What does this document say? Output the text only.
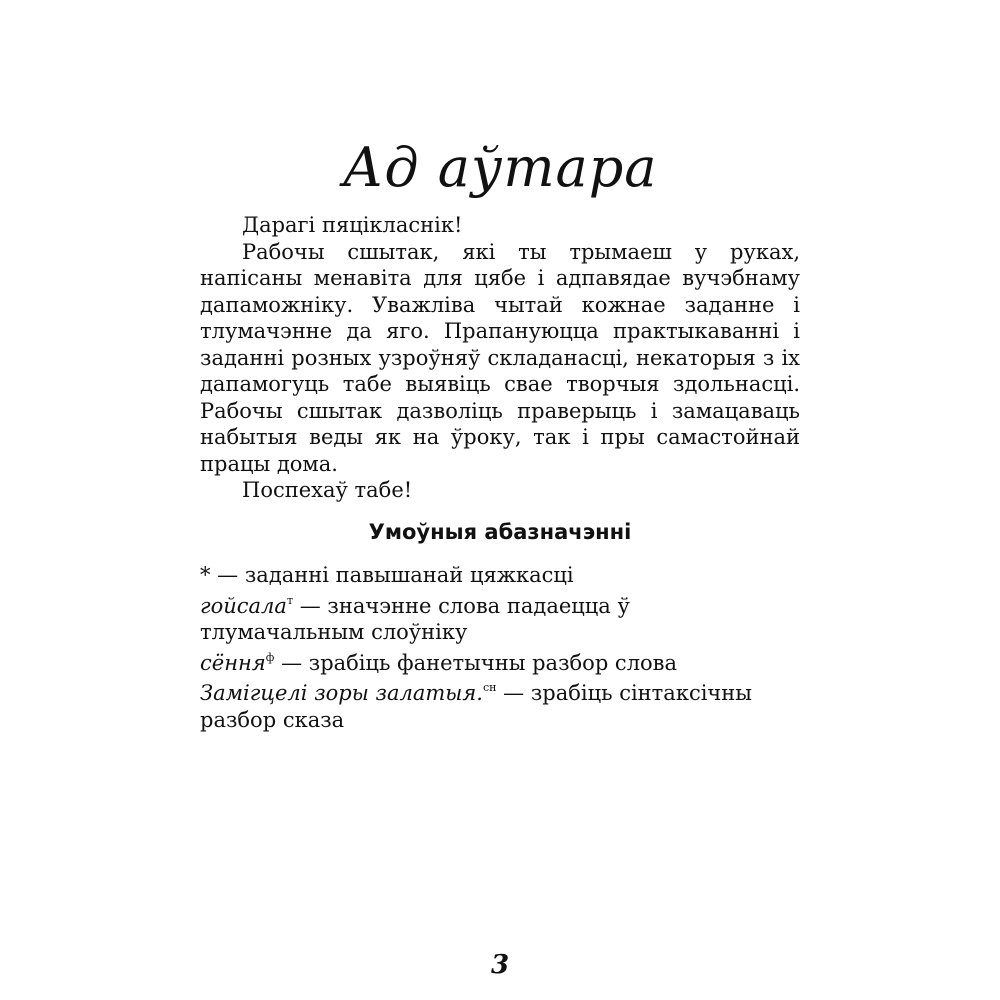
Ад аўтара

Дарагі пяцікласнік!

Рабочы сшытак, які ты трымаеш у руках, напісаны менавіта для цябе і адпавядае вучэбнаму дапаможніку. Уважліва чытай кожнае заданне і тлумачэнне да яго. Прапануюцца практыкаванні і заданні розных узроўняў складанасці, некаторыя з іх дапамогуць табе выявіць свае творчыя здольнасці. Рабочы сшытак дазволіць праверыць і замацаваць набытыя веды як на ўроку, так і пры самастойнай працы дома.

Поспехаў табе!

Умоўныя абазначэнні
* — заданні павышанай цяжкасці
гойсала$^т$ — значэнне слова падаецца ў тлумачальным слоўніку
сёння$^ф$ — зрабіць фанетычны разбор слова
Замігцелі зоры залатыя.$^{сн}$ — зрабіць сінтаксічны разбор сказа
3
